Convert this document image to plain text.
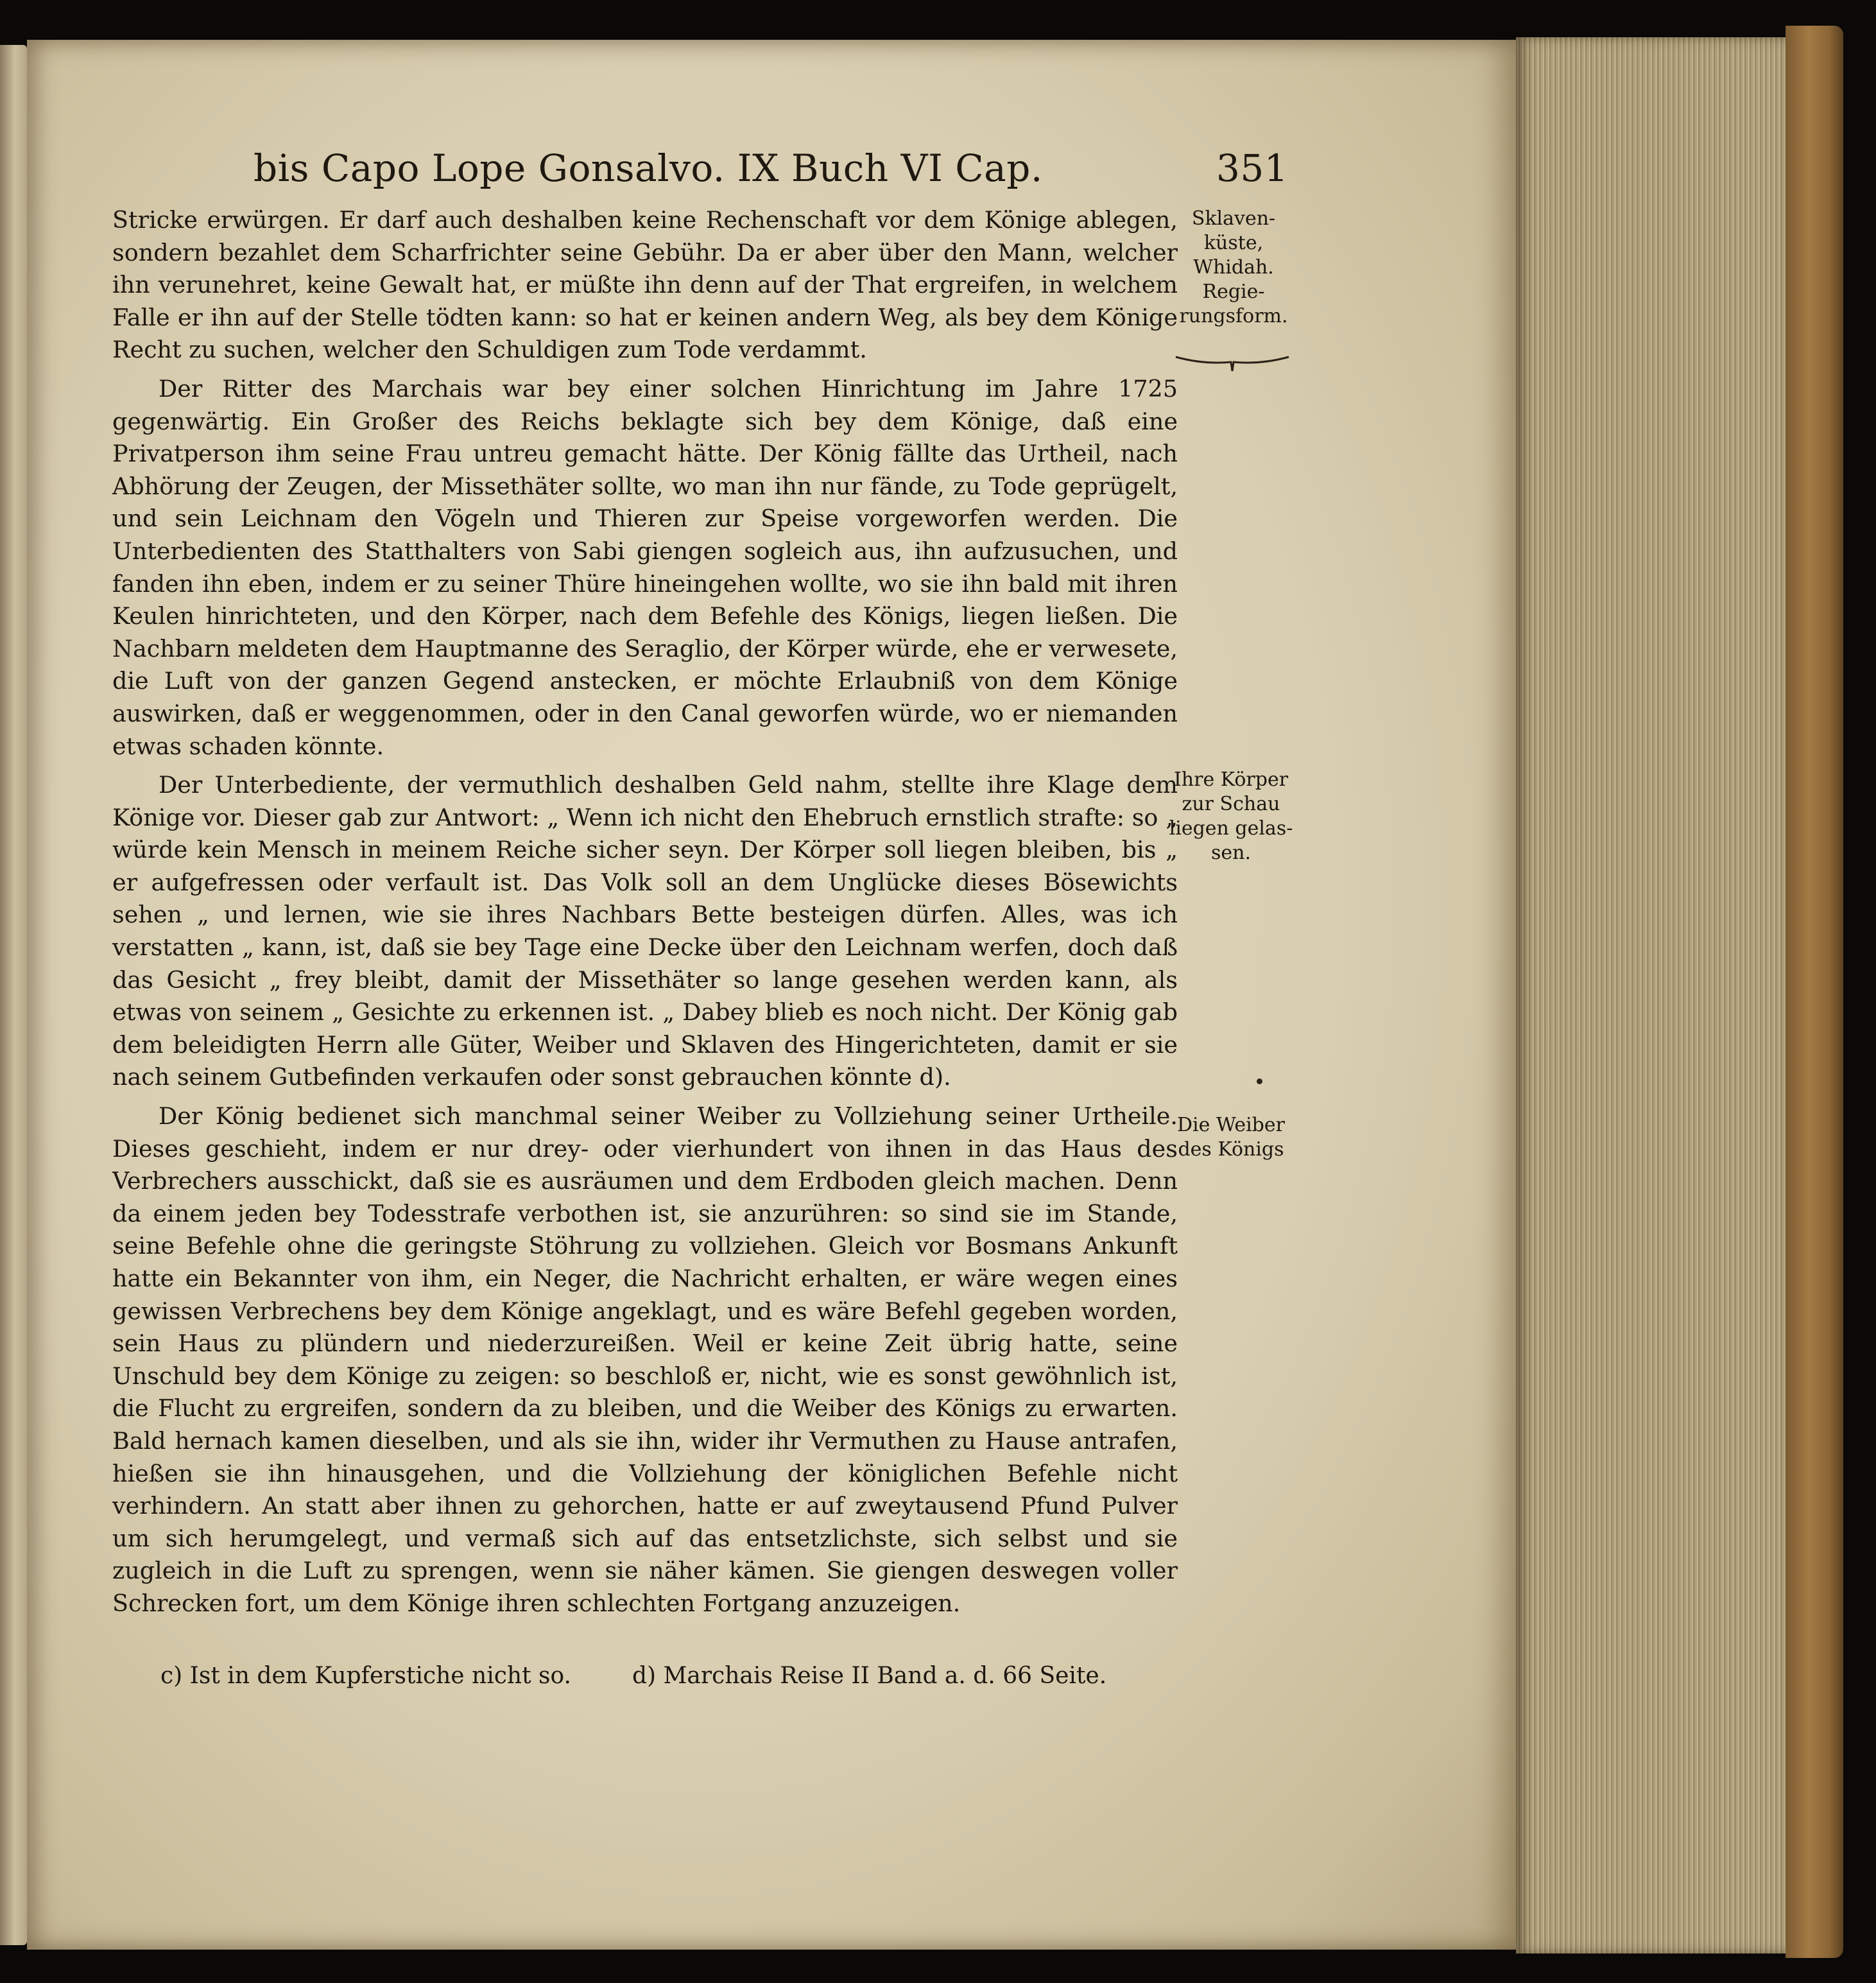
bis Capo Lope Gonsalvo. IX Buch VI Cap.	351

Stricke erwürgen. Er darf auch deshalben keine Rechenschaft vor dem Könige ablegen, sondern bezahlet dem Scharfrichter seine Gebühr. Da er aber über den Mann, welcher ihn verunehret, keine Gewalt hat, er müßte ihn denn auf der That ergreifen, in welchem Falle er ihn auf der Stelle tödten kann: so hat er keinen andern Weg, als bey dem Könige Recht zu suchen, welcher den Schuldigen zum Tode verdammt.

Der Ritter des Marchais war bey einer solchen Hinrichtung im Jahre 1725 gegenwärtig. Ein Großer des Reichs beklagte sich bey dem Könige, daß eine Privatperson ihm seine Frau untreu gemacht hätte. Der König fällte das Urtheil, nach Abhörung der Zeugen, der Missethäter sollte, wo man ihn nur fände, zu Tode geprügelt, und sein Leichnam den Vögeln und Thieren zur Speise vorgeworfen werden. Die Unterbedienten des Statthalters von Sabi giengen sogleich aus, ihn aufzusuchen, und fanden ihn eben, indem er zu seiner Thüre hineingehen wollte, wo sie ihn bald mit ihren Keulen hinrichteten, und den Körper, nach dem Befehle des Königs, liegen ließen. Die Nachbarn meldeten dem Hauptmanne des Seraglio, der Körper würde, ehe er verwesete, die Luft von der ganzen Gegend anstecken, er möchte Erlaubniß von dem Könige auswirken, daß er weggenommen, oder in den Canal geworfen würde, wo er niemanden etwas schaden könnte.

Der Unterbediente, der vermuthlich deshalben Geld nahm, stellte ihre Klage dem Könige vor. Dieser gab zur Antwort: „ Wenn ich nicht den Ehebruch ernstlich strafte: so „ würde kein Mensch in meinem Reiche sicher seyn. Der Körper soll liegen bleiben, bis „ er aufgefressen oder verfault ist. Das Volk soll an dem Unglücke dieses Bösewichts sehen „ und lernen, wie sie ihres Nachbars Bette besteigen dürfen. Alles, was ich verstatten „ kann, ist, daß sie bey Tage eine Decke über den Leichnam werfen, doch daß das Gesicht „ frey bleibt, damit der Missethäter so lange gesehen werden kann, als etwas von seinem „ Gesichte zu erkennen ist. „ Dabey blieb es noch nicht. Der König gab dem beleidigten Herrn alle Güter, Weiber und Sklaven des Hingerichteten, damit er sie nach seinem Gutbefinden verkaufen oder sonst gebrauchen könnte d).

Der König bedienet sich manchmal seiner Weiber zu Vollziehung seiner Urtheile. Dieses geschieht, indem er nur drey- oder vierhundert von ihnen in das Haus des Verbrechers ausschickt, daß sie es ausräumen und dem Erdboden gleich machen. Denn da einem jeden bey Todesstrafe verbothen ist, sie anzurühren: so sind sie im Stande, seine Befehle ohne die geringste Stöhrung zu vollziehen. Gleich vor Bosmans Ankunft hatte ein Bekannter von ihm, ein Neger, die Nachricht erhalten, er wäre wegen eines gewissen Verbrechens bey dem Könige angeklagt, und es wäre Befehl gegeben worden, sein Haus zu plündern und niederzureißen. Weil er keine Zeit übrig hatte, seine Unschuld bey dem Könige zu zeigen: so beschloß er, nicht, wie es sonst gewöhnlich ist, die Flucht zu ergreifen, sondern da zu bleiben, und die Weiber des Königs zu erwarten. Bald hernach kamen dieselben, und als sie ihn, wider ihr Vermuthen zu Hause antrafen, hießen sie ihn hinausgehen, und die Vollziehung der königlichen Befehle nicht verhindern. An statt aber ihnen zu gehorchen, hatte er auf zweytausend Pfund Pulver um sich herumgelegt, und vermaß sich auf das entsetzlichste, sich selbst und sie zugleich in die Luft zu sprengen, wenn sie näher kämen. Sie giengen deswegen voller Schrecken fort, um dem Könige ihren schlechten Fortgang anzuzeigen.

Sklaven-
küste,
Whidah.
Regie-
rungsform.
Ihre Körper
zur Schau
liegen gelas-
sen.
Die Weiber
des Königs
c) Ist in dem Kupferstiche nicht so.	d) Marchais Reise II Band a. d. 66 Seite.
